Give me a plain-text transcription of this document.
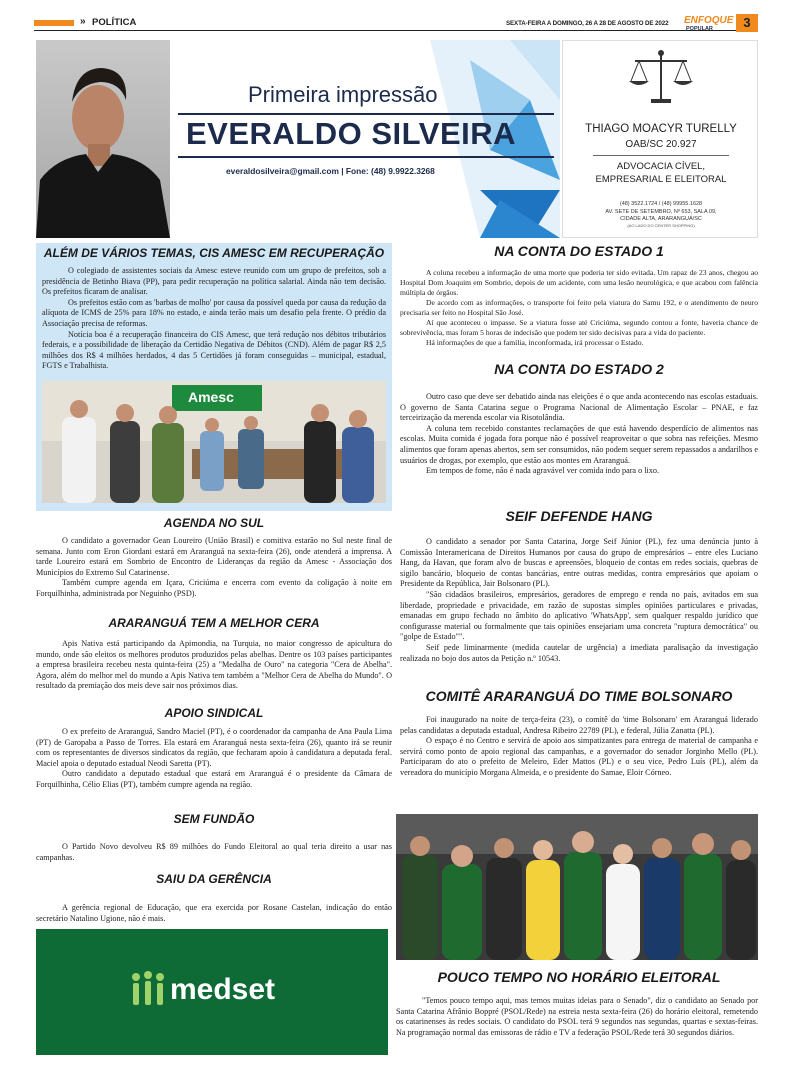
» POLÍTICA	SEXTA-FEIRA A DOMINGO, 26 A 28 DE AGOSTO DE 2022 ENFOQUE
POPULAR	3
Primeira impressão
EVERALDO SILVEIRA
everaldosilveira@gmail.com | Fone: (48) 9.9922.3268
THIAGO MOACYR TURELLY
OAB/SC 20.927
ADVOCACIA CÍVEL,
EMPRESARIAL E ELEITORAL
(48) 3522.1724 / (48) 99955.1628
AV. SETE DE SETEMBRO, Nº 653, SALA 09,
CIDADE ALTA, ARARANGUÁ/SC
(AO LADO DO CENTER SHOPPING)
ALÉM DE VÁRIOS TEMAS, CIS AMESC EM RECUPERAÇÃO

O colegiado de assistentes sociais da Amesc esteve reunido com um grupo de prefeitos, sob a presidência de Betinho Biava (PP), para pedir recuperação na política salarial. Ainda não tem decisão. Os prefeitos ficaram de analisar.

Os prefeitos estão com as 'barbas de molho' por causa da possível queda por causa da redução da alíquota de ICMS de 25% para 18% no estado, e ainda terão mais um desafio pela frente. O prédio da Associação precisa de reformas.

Notícia boa é a recuperação financeira do CIS Amesc, que terá redução nos débitos tributários federais, e a possibilidade de liberação da Certidão Negativa de Débitos (CND). Além de pagar R$ 2,5 milhões dos R$ 4 milhões herdados, 4 das 5 Certidões já foram conseguidas – municipal, estadual, FGTS e Trabalhista.

Amesc
AGENDA NO SUL

O candidato a governador Gean Loureiro (União Brasil) e comitiva estarão no Sul neste final de semana. Junto com Eron Giordani estará em Araranguá na sexta-feira (26), onde atenderá a imprensa. A tarde Loureiro estará em Sombrio de Encontro de Lideranças da região da Amesc - Associação dos Municípios do Extremo Sul Catarinense.

Também cumpre agenda em Içara, Criciúma e encerra com evento da coligação à noite em Forquilhinha, administrada por Neguinho (PSD).

ARARANGUÁ TEM A MELHOR CERA

Apis Nativa está participando da Apimondia, na Turquia, no maior congresso de apicultura do mundo, onde são eleitos os melhores produtos produzidos pelas abelhas. Dentre os 103 países participantes a empresa brasileira recebeu nesta quinta-feira (25) a "Medalha de Ouro" na categoria "Cera de Abelha". Agora, além do melhor mel do mundo a Apis Nativa tem também a "Melhor Cera de Abelha do Mundo". O resultado da premiação dos meis deve sair nos próximos dias.

APOIO SINDICAL

O ex prefeito de Araranguá, Sandro Maciel (PT), é o coordenador da campanha de Ana Paula Lima (PT) de Garopaba a Passo de Torres. Ela estará em Araranguá nesta sexta-feira (26), quanto irá se reunir com os representantes de diversos sindicatos da região, que fecharam apoio à candidatura a deputada feral. Maciel apoia o deputado estadual Neodi Saretta (PT).

Outro candidato a deputado estadual que estará em Araranguá é o presidente da Câmara de Forquilhinha, Célio Elias (PT), também cumpre agenda na região.

SEM FUNDÃO

O Partido Novo devolveu R$ 89 milhões do Fundo Eleitoral ao qual teria direito a usar nas campanhas.

SAIU DA GERÊNCIA

A gerência regional de Educação, que era exercida por Rosane Castelan, indicação do então secretário Natalino Ugione, não é mais.

medset
NA CONTA DO ESTADO 1

A coluna recebeu a informação de uma morte que poderia ter sido evitada. Um rapaz de 23 anos, chegou ao Hospital Dom Joaquim em Sombrio, depois de um acidente, com uma lesão neurológica, e que acabou com falência múltipla de órgãos.

De acordo com as informações, o transporte foi feito pela viatura do Samu 192, e o atendimento de neuro precisaria ser feito no Hospital São José.

Aí que aconteceu o impasse. Se a viatura fosse até Criciúma, segundo contou a fonte, haveria chance de sobrevivência, mas foram 5 horas de indecisão que podem ter sido decisivas para a vida do paciente.

Há informações de que a família, inconformada, irá processar o Estado.

NA CONTA DO ESTADO 2

Outro caso que deve ser debatido ainda nas eleições é o que anda acontecendo nas escolas estaduais. O governo de Santa Catarina segue o Programa Nacional de Alimentação Escolar – PNAE, e faz terceirização da merenda escolar via Risotolândia.

A coluna tem recebido constantes reclamações de que está havendo desperdício de alimentos nas escolas. Muita comida é jogada fora porque não é possível reaproveitar o que sobra nas refeições. Mesmo alimentos que foram apenas abertos, sem ser consumidos, não podem sequer serem repassados a andarilhos e usuários de drogas, por exemplo, que estão aos montes em Araranguá.

Em tempos de fome, não é nada agravável ver comida indo para o lixo.

SEIF DEFENDE HANG

O candidato a senador por Santa Catarina, Jorge Seif Júnior (PL), fez uma denúncia junto à Comissão Interamericana de Direitos Humanos por causa do grupo de empresários – entre eles Luciano Hang, da Havan, que foram alvo de buscas e apreensões, bloqueio de contas em redes sociais, quebras de sigilo bancário, bloqueio de contas bancárias, entre outras medidas, contra empresários que apoiam o Presidente da República, Jair Bolsonaro (PL).

"São cidadãos brasileiros, empresários, geradores de emprego e renda no país, avitados em sua liberdade, propriedade e privacidade, em razão de supostas simples opiniões particulares e privadas, emanadas em grupo fechado no âmbito do aplicativo 'WhatsApp', sem qualquer respaldo jurídico que configurasse material ou formalmente que tais opiniões ensejariam uma concreta "ruptura democrática" ou "golpe de Estado"".

Seif pede liminarmente (medida cautelar de urgência) a imediata paralisação da investigação realizada no bojo dos autos da Petição n.º 10543.

COMITÊ ARARANGUÁ DO TIME BOLSONARO

Foi inaugurado na noite de terça-feira (23), o comitê do 'time Bolsonaro' em Araranguá liderado pelas candidatas a deputada estadual, Andresa Ribeiro 22789 (PL), e federal, Júlia Zanatta (PL).

O espaço é no Centro e servirá de apoio aos simpatizantes para entrega de material de campanha e servirá como ponto de apoio regional das campanhas, e a governador do senador Jorginho Mello (PL). Participaram do ato o prefeito de Meleiro, Eder Mattos (PL) e o seu vice, Pedro Luís (PL), além da vereadora do município Morgana Almeida, e o presidente do Samae, Eloir Córneo.

POUCO TEMPO NO HORÁRIO ELEITORAL

"Temos pouco tempo aqui, mas temos muitas ideias para o Senado", diz o candidato ao Senado por Santa Catarina Afrânio Boppré (PSOL/Rede) na estreia nesta sexta-feira (26) do horário eleitoral, remetendo os catarinenses às redes sociais. O candidato do PSOL terá 9 segundos nas segundas, quartas e sextas-feiras. Na programação normal das emissoras de rádio e TV a federação PSOL/Rede terá 30 segundos diários.
